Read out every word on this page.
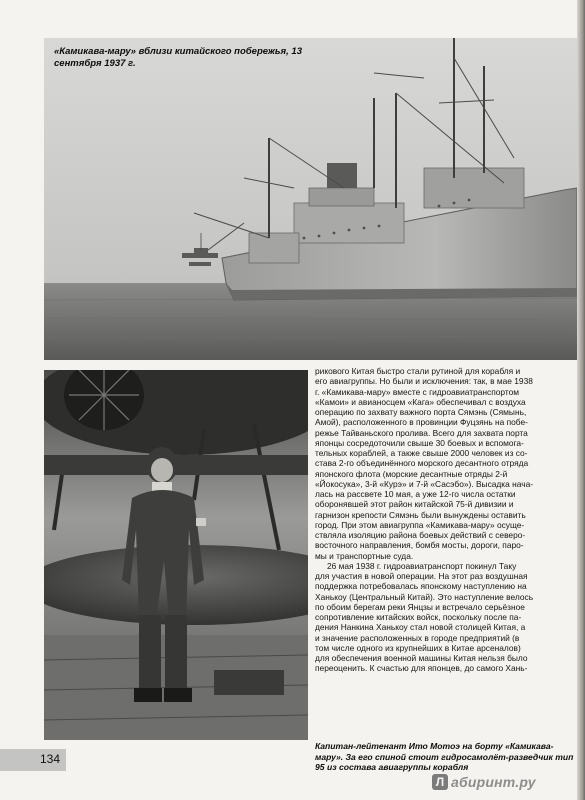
«Камикава-мару» вблизи китайского побережья, 13 сентября 1937 г.
рикового Китая быстро стали рутиной для корабля и
его авиагруппы. Но были и исключения: так, в мае 1938
г. «Камикава-мару» вместе с гидроавиатранспортом
«Камои» и авианосцем «Кага» обеспечивал с воздуха
операцию по захвату важного порта Сямэнь (Сямынь,
Амой), расположенного в провинции Фуцзянь на побе-
режье Тайваньского пролива. Всего для захвата порта
японцы сосредоточили свыше 30 боевых и вспомога-
тельных кораблей, а также свыше 2000 человек из со-
става 2-го объединённого морского десантного отряда
японского флота (морские десантные отряды 2-й
«Йокосука», 3-й «Курэ» и 7-й «Сасэбо»). Высадка нача-
лась на рассвете 10 мая, а уже 12-го числа остатки
оборонявшей этот район китайской 75-й дивизии и
гарнизон крепости Сямэнь были вынуждены оставить
город. При этом авиагруппа «Камикава-мару» осуще-
ствляла изоляцию района боевых действий с северо-
восточного направления, бомбя мосты, дороги, паро-
мы и транспортные суда.
26 мая 1938 г. гидроавиатранспорт покинул Таку
для участия в новой операции. На этот раз воздушная
поддержка потребовалась японскому наступлению на
Ханькоу (Центральный Китай). Это наступление велось
по обоим берегам реки Янцзы и встречало серьёзное
сопротивление китайских войск, поскольку после па-
дения Нанкина Ханькоу стал новой столицей Китая, а
и значение расположенных в городе предприятий (в
том числе одного из крупнейших в Китае арсеналов)
для обеспечения военной машины Китая нельзя было
переоценить. К счастью для японцев, до самого Хань-
Капитан-лейтенант Ито Мотоэ на борту «Камикава-мару». За его спиной стоит гидросамолёт-разведчик тип 95 из состава авиагруппы корабля
134
Л абиринт.ру
